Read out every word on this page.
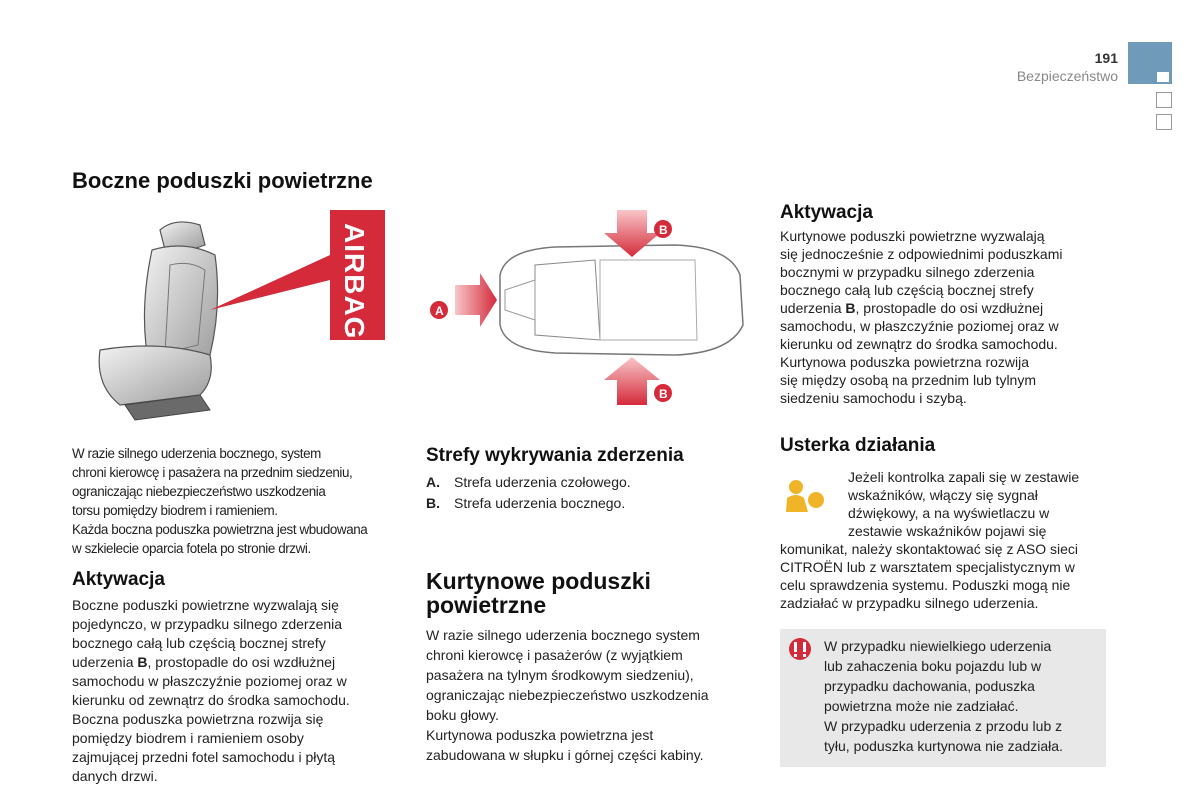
191
Bezpieczeństwo
Boczne poduszki powietrzne
AIRBAG	A
B
B
W razie silnego uderzenia bocznego, system
chroni kierowcę i pasażera na przednim siedzeniu,
ograniczając niebezpieczeństwo uszkodzenia
torsu pomiędzy biodrem i ramieniem.
Każda boczna poduszka powietrzna jest wbudowana
w szkielecie oparcia fotela po stronie drzwi.
Aktywacja
Boczne poduszki powietrzne wyzwalają się
pojedynczo, w przypadku silnego zderzenia
bocznego całą lub częścią bocznej strefy
uderzenia B, prostopadle do osi wzdłużnej
samochodu w płaszczyźnie poziomej oraz w
kierunku od zewnątrz do środka samochodu.
Boczna poduszka powietrzna rozwija się
pomiędzy biodrem i ramieniem osoby
zajmującej przedni fotel samochodu i płytą
danych drzwi.
Strefy wykrywania zderzenia
A. Strefa uderzenia czołowego.
B. Strefa uderzenia bocznego.
Kurtynowe poduszki
powietrzne
W razie silnego uderzenia bocznego system
chroni kierowcę i pasażerów (z wyjątkiem
pasażera na tylnym środkowym siedzeniu),
ograniczając niebezpieczeństwo uszkodzenia
boku głowy.
Kurtynowa poduszka powietrzna jest
zabudowana w słupku i górnej części kabiny.
Aktywacja
Kurtynowe poduszki powietrzne wyzwalają
się jednocześnie z odpowiednimi poduszkami
bocznymi w przypadku silnego zderzenia
bocznego całą lub częścią bocznej strefy
uderzenia B, prostopadle do osi wzdłużnej
samochodu, w płaszczyźnie poziomej oraz w
kierunku od zewnątrz do środka samochodu.
Kurtynowa poduszka powietrzna rozwija
się między osobą na przednim lub tylnym
siedzeniu samochodu i szybą.
Usterka działania
Jeżeli kontrolka zapali się w zestawie
wskaźników, włączy się sygnał
dźwiękowy, a na wyświetlaczu w
zestawie wskaźników pojawi się
komunikat, należy skontaktować się z ASO sieci
CITROËN lub z warsztatem specjalistycznym w
celu sprawdzenia systemu. Poduszki mogą nie
zadziałać w przypadku silnego uderzenia.
W przypadku niewielkiego uderzenia
lub zahaczenia boku pojazdu lub w
przypadku dachowania, poduszka
powietrzna może nie zadziałać.
W przypadku uderzenia z przodu lub z
tyłu, poduszka kurtynowa nie zadziała.
